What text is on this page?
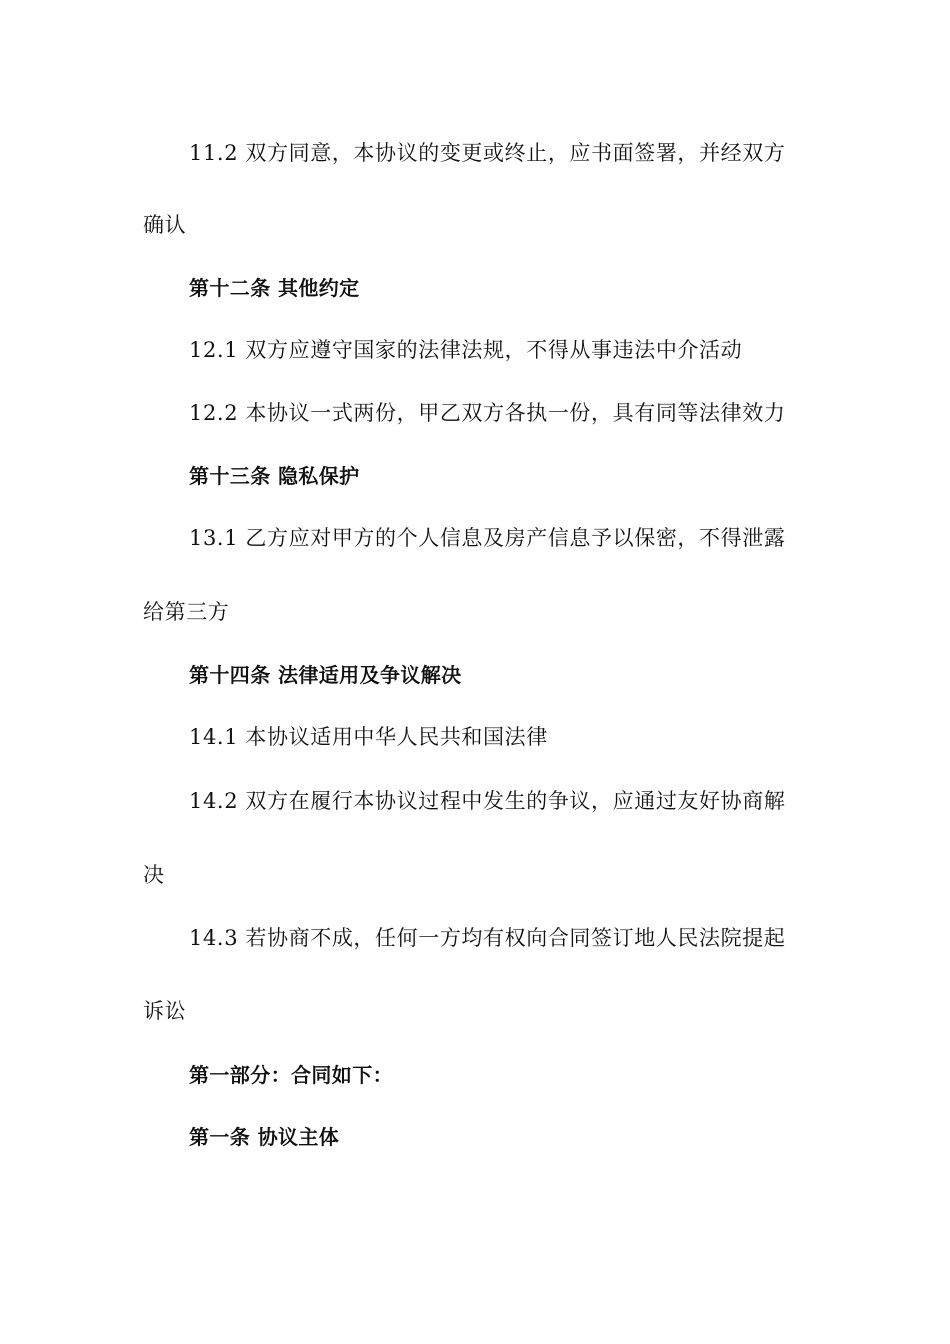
11.2 双方同意，本协议的变更或终止，应书面签署，并经双方
确认
第十二条 其他约定
12.1 双方应遵守国家的法律法规，不得从事违法中介活动
12.2 本协议一式两份，甲乙双方各执一份，具有同等法律效力
第十三条 隐私保护
13.1 乙方应对甲方的个人信息及房产信息予以保密，不得泄露
给第三方
第十四条 法律适用及争议解决
14.1 本协议适用中华人民共和国法律
14.2 双方在履行本协议过程中发生的争议，应通过友好协商解
决
14.3 若协商不成，任何一方均有权向合同签订地人民法院提起
诉讼
第一部分：合同如下：
第一条 协议主体
